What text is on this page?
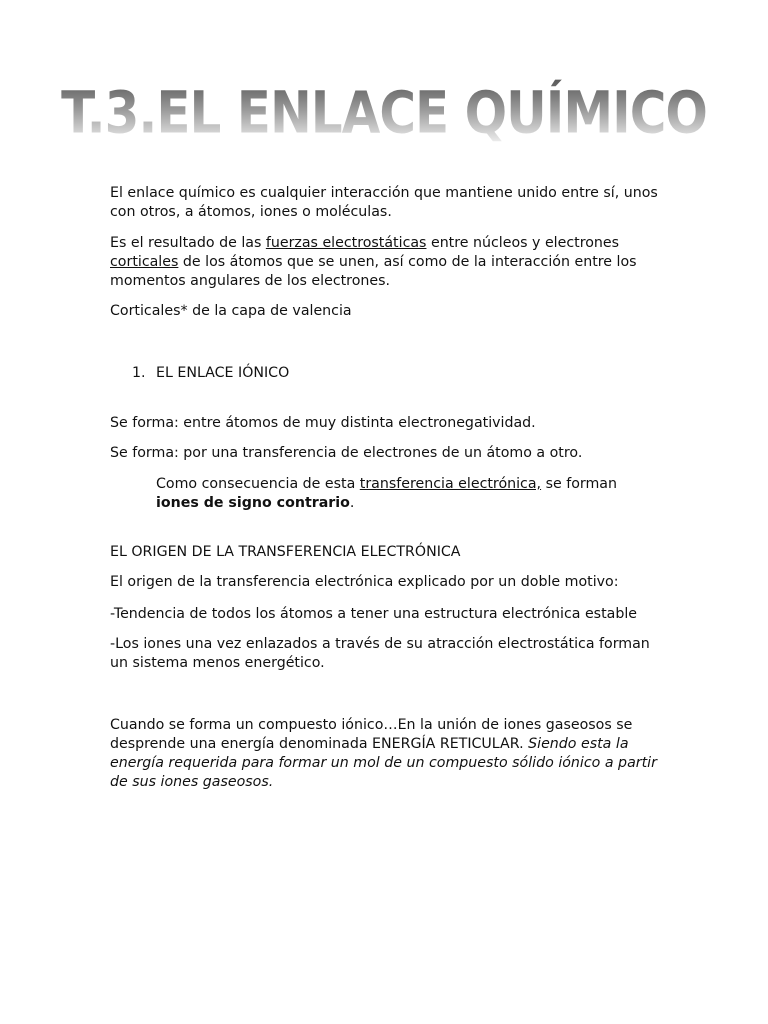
T.3.EL ENLACE QUÍMICO

El enlace químico es cualquier interacción que mantiene unido entre sí, unos con otros, a átomos, iones o moléculas.

Es el resultado de las fuerzas electrostáticas entre núcleos y electrones corticales de los átomos que se unen, así como de la interacción entre los momentos angulares de los electrones.

Corticales* de la capa de valencia

1. EL ENLACE IÓNICO

Se forma: entre átomos de muy distinta electronegatividad.

Se forma: por una transferencia de electrones de un átomo a otro.

Como consecuencia de esta transferencia electrónica, se forman iones de signo contrario.

EL ORIGEN DE LA TRANSFERENCIA ELECTRÓNICA

El origen de la transferencia electrónica explicado por un doble motivo:

-Tendencia de todos los átomos a tener una estructura electrónica estable

-Los iones una vez enlazados a través de su atracción electrostática forman un sistema menos energético.

Cuando se forma un compuesto iónico…En la unión de iones gaseosos se desprende una energía denominada ENERGÍA RETICULAR. Siendo esta la energía requerida para formar un mol de un compuesto sólido iónico a partir de sus iones gaseosos.
